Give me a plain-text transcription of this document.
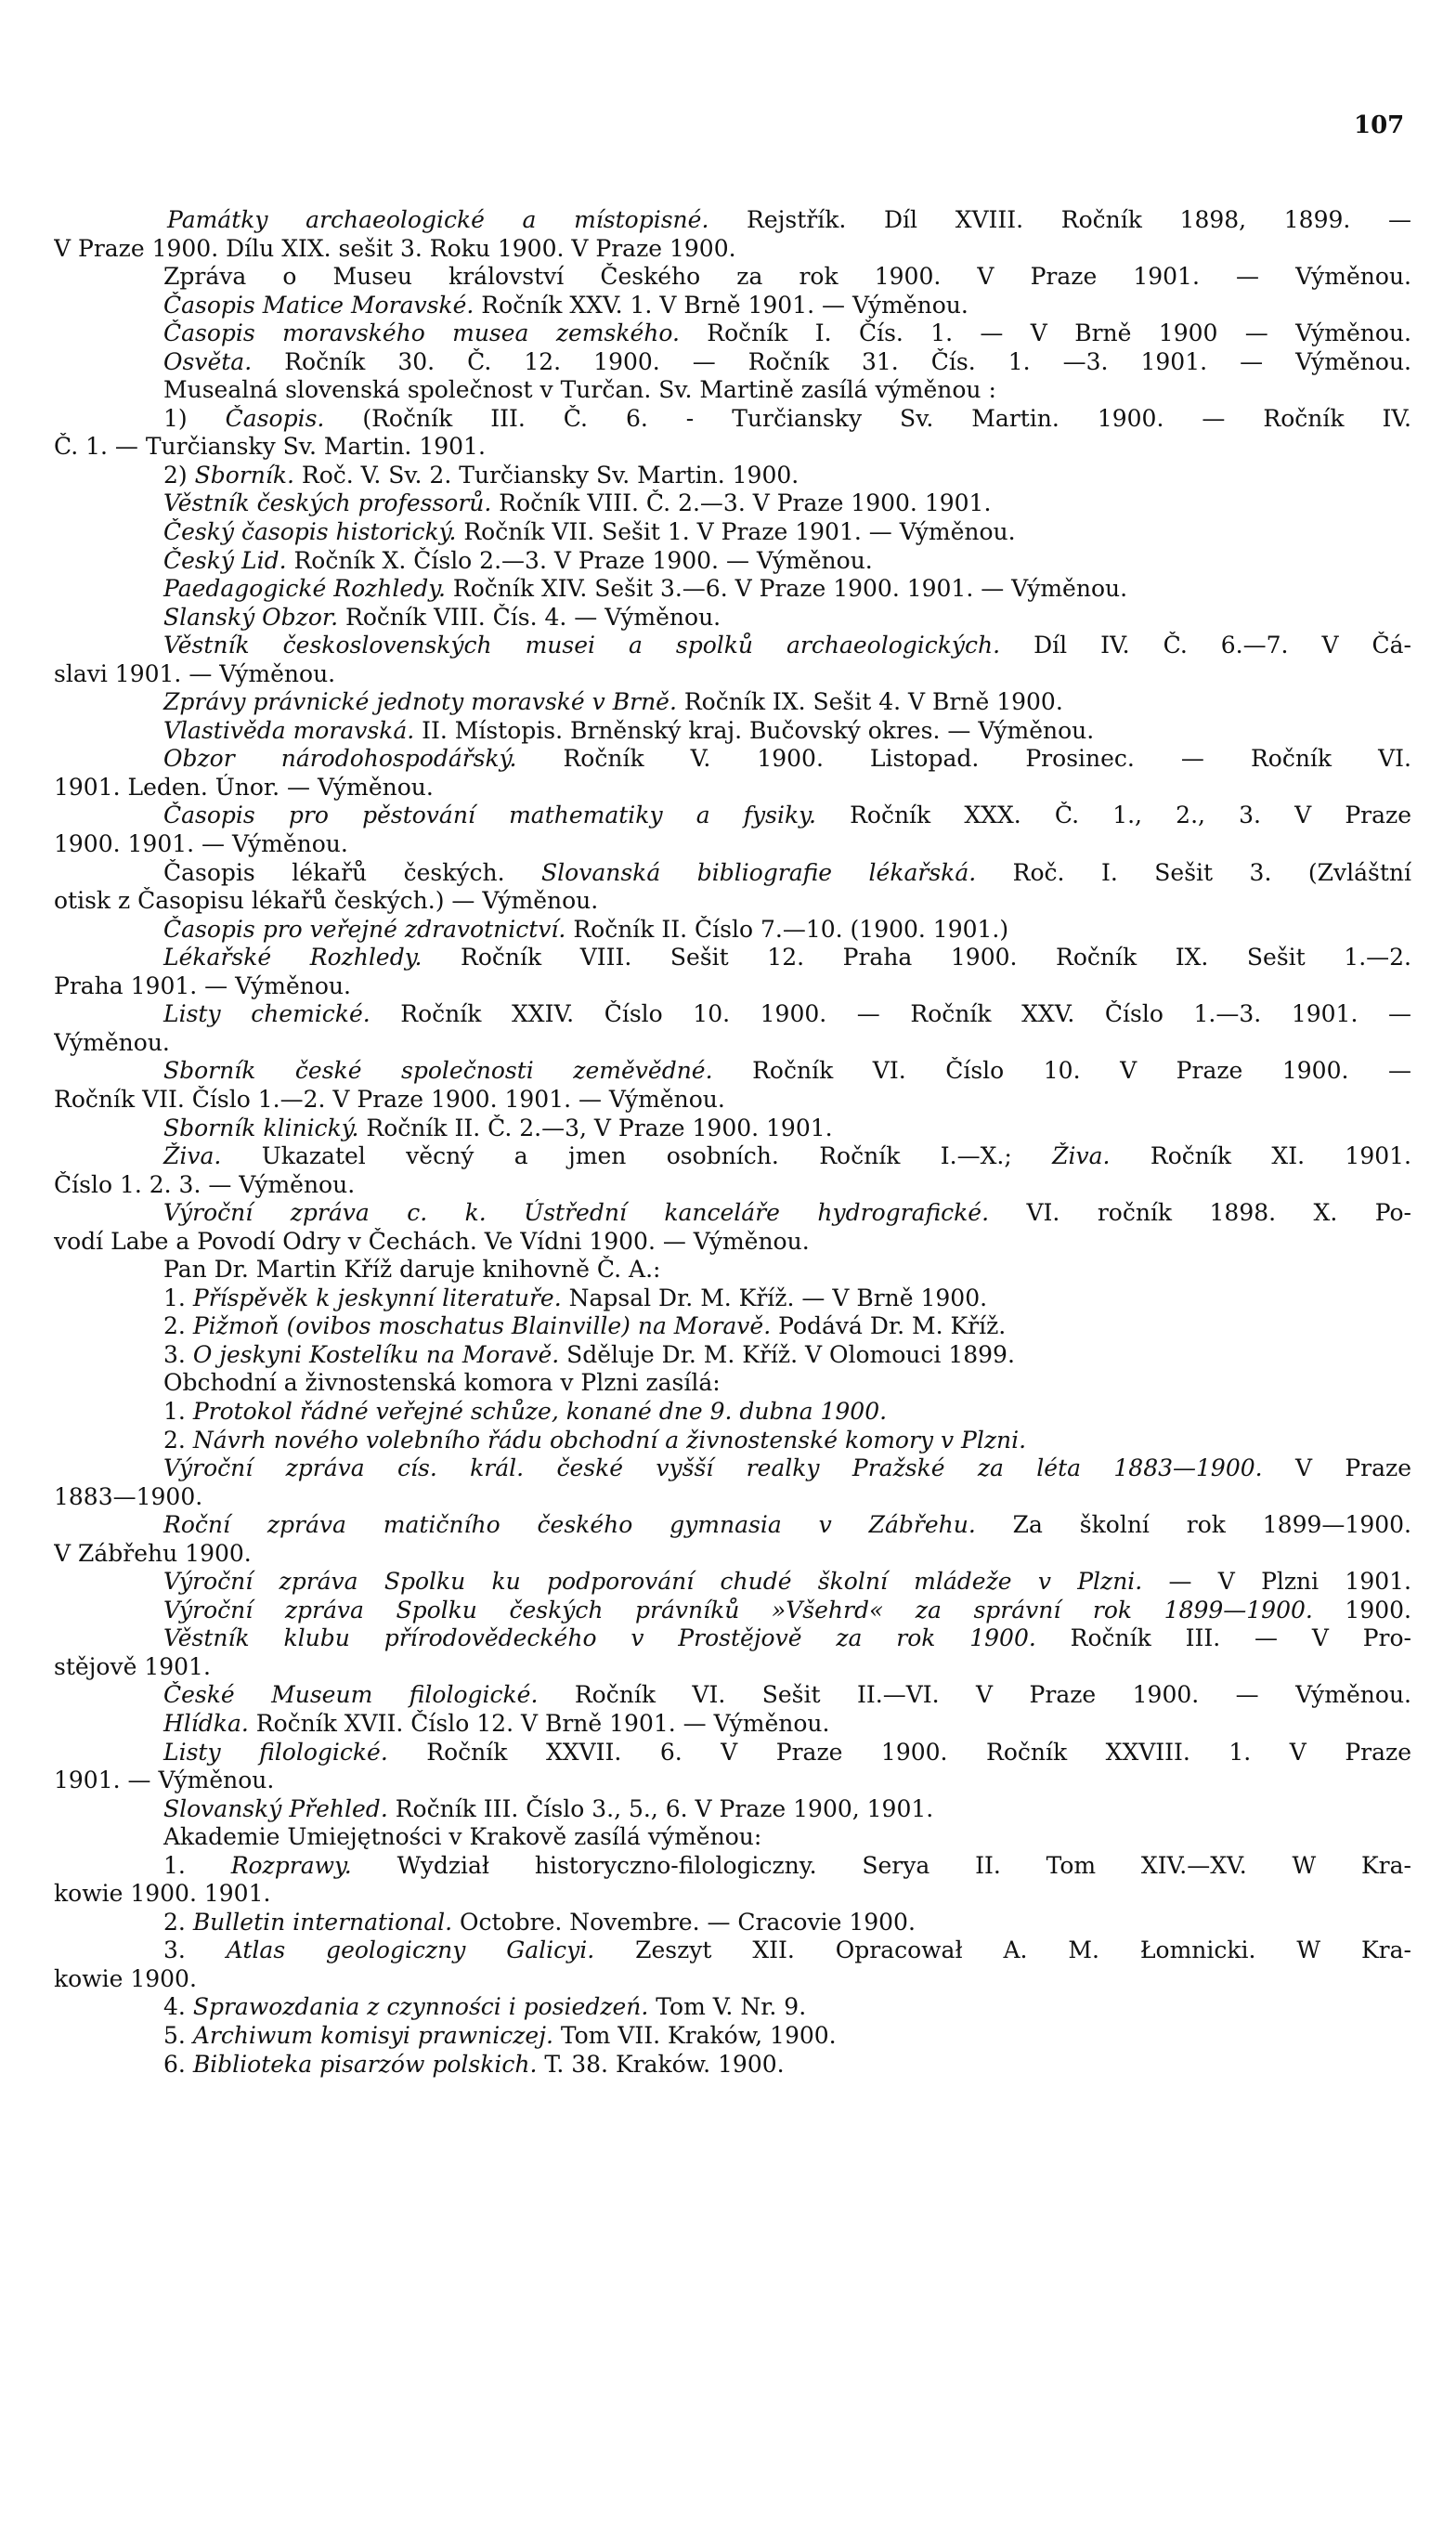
107
Památky archaeologické a místopisné. Rejstřík. Díl XVIII. Ročník 1898, 1899. —
V Praze 1900. Dílu XIX. sešit 3. Roku 1900. V Praze 1900.
Zpráva o Museu království Českého za rok 1900. V Praze 1901. — Výměnou.
Časopis Matice Moravské. Ročník XXV. 1. V Brně 1901. — Výměnou.
Časopis moravského musea zemského. Ročník I. Čís. 1. — V Brně 1900 — Výměnou.
Osvěta. Ročník 30. Č. 12. 1900. — Ročník 31. Čís. 1. —3. 1901. — Výměnou.
Musealná slovenská společnost v Turčan. Sv. Martině zasílá výměnou :
1) Časopis. (Ročník III. Č. 6. - Turčiansky Sv. Martin. 1900. — Ročník IV.
Č. 1. — Turčiansky Sv. Martin. 1901.
2) Sborník. Roč. V. Sv. 2. Turčiansky Sv. Martin. 1900.
Věstník českých professorů. Ročník VIII. Č. 2.—3. V Praze 1900. 1901.
Český časopis historický. Ročník VII. Sešit 1. V Praze 1901. — Výměnou.
Český Lid. Ročník X. Číslo 2.—3. V Praze 1900. — Výměnou.
Paedagogické Rozhledy. Ročník XIV. Sešit 3.—6. V Praze 1900. 1901. — Výměnou.
Slanský Obzor. Ročník VIII. Čís. 4. — Výměnou.
Věstník československých musei a spolků archaeologických. Díl IV. Č. 6.—7. V Čá-
slavi 1901. — Výměnou.
Zprávy právnické jednoty moravské v Brně. Ročník IX. Sešit 4. V Brně 1900.
Vlastivěda moravská. II. Místopis. Brněnský kraj. Bučovský okres. — Výměnou.
Obzor národohospodářský. Ročník V. 1900. Listopad. Prosinec. — Ročník VI.
1901. Leden. Únor. — Výměnou.
Časopis pro pěstování mathematiky a fysiky. Ročník XXX. Č. 1., 2., 3. V Praze
1900. 1901. — Výměnou.
Časopis lékařů českých. Slovanská bibliografie lékařská. Roč. I. Sešit 3. (Zvláštní
otisk z Časopisu lékařů českých.) — Výměnou.
Časopis pro veřejné zdravotnictví. Ročník II. Číslo 7.—10. (1900. 1901.)
Lékařské Rozhledy. Ročník VIII. Sešit 12. Praha 1900. Ročník IX. Sešit 1.—2.
Praha 1901. — Výměnou.
Listy chemické. Ročník XXIV. Číslo 10. 1900. — Ročník XXV. Číslo 1.—3. 1901. —
Výměnou.
Sborník české společnosti zeměvědné. Ročník VI. Číslo 10. V Praze 1900. —
Ročník VII. Číslo 1.—2. V Praze 1900. 1901. — Výměnou.
Sborník klinický. Ročník II. Č. 2.—3, V Praze 1900. 1901.
Živa. Ukazatel věcný a jmen osobních. Ročník I.—X.; Živa. Ročník XI. 1901.
Číslo 1. 2. 3. — Výměnou.
Výroční zpráva c. k. Ústřední kanceláře hydrografické. VI. ročník 1898. X. Po-
vodí Labe a Povodí Odry v Čechách. Ve Vídni 1900. — Výměnou.
Pan Dr. Martin Kříž daruje knihovně Č. A.:
1. Příspěvěk k jeskynní literatuře. Napsal Dr. M. Kříž. — V Brně 1900.
2. Pižmoň (ovibos moschatus Blainville) na Moravě. Podává Dr. M. Kříž.
3. O jeskyni Kostelíku na Moravě. Sděluje Dr. M. Kříž. V Olomouci 1899.
Obchodní a živnostenská komora v Plzni zasílá:
1. Protokol řádné veřejné schůze, konané dne 9. dubna 1900.
2. Návrh nového volebního řádu obchodní a živnostenské komory v Plzni.
Výroční zpráva cís. král. české vyšší realky Pražské za léta 1883—1900. V Praze
1883—1900.
Roční zpráva matičního českého gymnasia v Zábřehu. Za školní rok 1899—1900.
V Zábřehu 1900.
Výroční zpráva Spolku ku podporování chudé školní mládeže v Plzni. — V Plzni 1901.
Výroční zpráva Spolku českých právníků »Všehrd« za správní rok 1899—1900. 1900.
Věstník klubu přírodovědeckého v Prostějově za rok 1900. Ročník III. — V Pro-
stějově 1901.
České Museum filologické. Ročník VI. Sešit II.—VI. V Praze 1900. — Výměnou.
Hlídka. Ročník XVII. Číslo 12. V Brně 1901. — Výměnou.
Listy filologické. Ročník XXVII. 6. V Praze 1900. Ročník XXVIII. 1. V Praze
1901. — Výměnou.
Slovanský Přehled. Ročník III. Číslo 3., 5., 6. V Praze 1900, 1901.
Akademie Umiejętności v Krakově zasílá výměnou:
1. Rozprawy. Wydział historyczno-filologiczny. Serya II. Tom XIV.—XV. W Kra-
kowie 1900. 1901.
2. Bulletin international. Octobre. Novembre. — Cracovie 1900.
3. Atlas geologiczny Galicyi. Zeszyt XII. Opracował A. M. Łomnicki. W Kra-
kowie 1900.
4. Sprawozdania z czynności i posiedzeń. Tom V. Nr. 9.
5. Archiwum komisyi prawniczej. Tom VII. Kraków, 1900.
6. Biblioteka pisarzów polskich. T. 38. Kraków. 1900.
